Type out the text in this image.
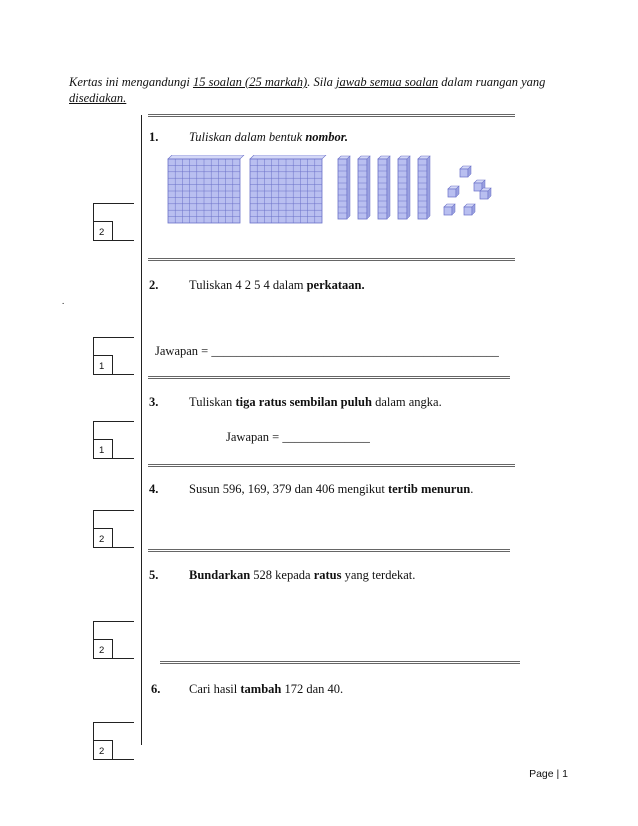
Kertas ini mengandungi 15 soalan (25 markah). Sila jawab semua soalan dalam ruangan yang
disediakan.
1. Tuliskan dalam bentuk nombor.
2
2. Tuliskan 4 2 5 4 dalam perkataan.
.
Jawapan = ______________________________________________
1
3. Tuliskan tiga ratus sembilan puluh dalam angka.
Jawapan = ______________
1
4. Susun 596, 169, 379 dan 406 mengikut tertib menurun.
2
5. Bundarkan 528 kepada ratus yang terdekat.
2
6. Cari hasil tambah 172 dan 40.
2
Page | 1
